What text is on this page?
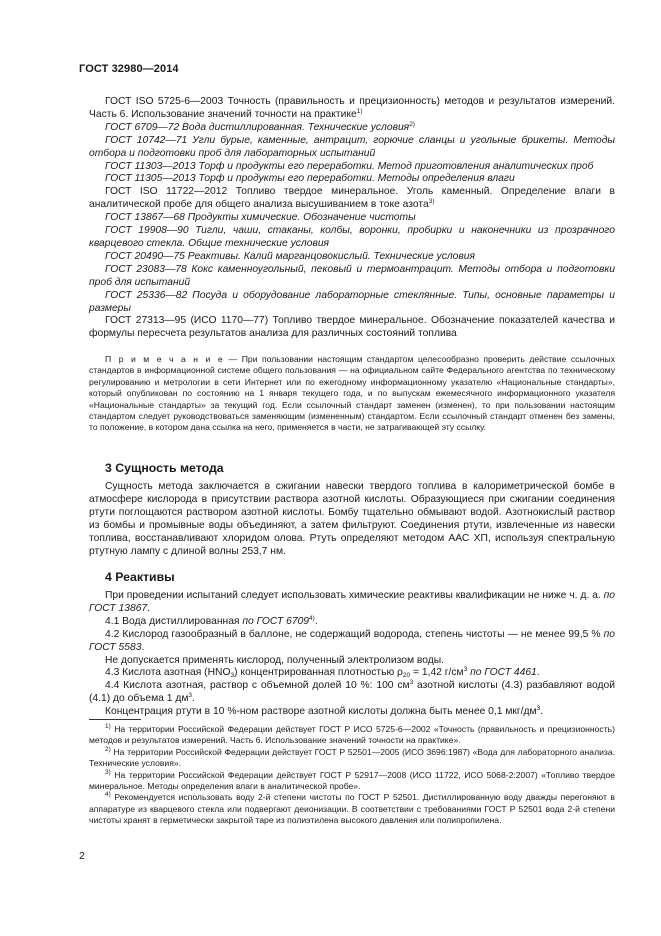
ГОСТ 32980—2014

ГОСТ ISO 5725-6—2003 Точность (правильность и прецизионность) методов и результатов измерений. Часть 6. Использование значений точности на практике$^{1)}$

ГОСТ 6709—72 Вода дистиллированная. Технические условия$^{2)}$

ГОСТ 10742—71 Угли бурые, каменные, антрацит, горючие сланцы и угольные брикеты. Методы отбора и подготовки проб для лабораторных испытаний

ГОСТ 11303—2013 Торф и продукты его переработки. Метод приготовления аналитических проб

ГОСТ 11305—2013 Торф и продукты его переработки. Методы определения влаги

ГОСТ ISO 11722—2012 Топливо твердое минеральное. Уголь каменный. Определение влаги в аналитической пробе для общего анализа высушиванием в токе азота$^{3)}$

ГОСТ 13867—68 Продукты химические. Обозначение чистоты

ГОСТ 19908—90 Тигли, чаши, стаканы, колбы, воронки, пробирки и наконечники из прозрачного кварцевого стекла. Общие технические условия

ГОСТ 20490—75 Реактивы. Калий марганцовокислый. Технические условия

ГОСТ 23083—78 Кокс каменноугольный, пековый и термоантрацит. Методы отбора и подготовки проб для испытаний

ГОСТ 25336—82 Посуда и оборудование лабораторные стеклянные. Типы, основные параметры и размеры

ГОСТ 27313—95 (ИСО 1170—77) Топливо твердое минеральное. Обозначение показателей качества и формулы пересчета результатов анализа для различных состояний топлива

П р и м е ч а н и е — При пользовании настоящим стандартом целесообразно проверить действие ссылочных стандартов в информационной системе общего пользования — на официальном сайте Федерального агентства по техническому регулированию и метрологии в сети Интернет или по ежегодному информационному указателю «Национальные стандарты», который опубликован по состоянию на 1 января текущего года, и по выпускам ежемесячного информационного указателя «Национальные стандарты» за текущий год. Если ссылочный стандарт заменен (изменен), то при пользовании настоящим стандартом следует руководствоваться заменяющим (измененным) стандартом. Если ссылочный стандарт отменен без замены, то положение, в котором дана ссылка на него, применяется в части, не затрагивающей эту ссылку.

3 Сущность метода

Сущность метода заключается в сжигании навески твердого топлива в калориметрической бомбе в атмосфере кислорода в присутствии раствора азотной кислоты. Образующиеся при сжигании соединения ртути поглощаются раствором азотной кислоты. Бомбу тщательно обмывают водой. Азотнокислый раствор из бомбы и промывные воды объединяют, а затем фильтруют. Соединения ртути, извлеченные из навески топлива, восстанавливают хлоридом олова. Ртуть определяют методом ААС ХП, используя спектральную ртутную лампу с длиной волны 253,7 нм.

4 Реактивы

При проведении испытаний следует использовать химические реактивы квалификации не ниже ч. д. а. по ГОСТ 13867.

4.1 Вода дистиллированная по ГОСТ 6709$^{4)}$.

4.2 Кислород газообразный в баллоне, не содержащий водорода, степень чистоты — не менее 99,5 % по ГОСТ 5583.

Не допускается применять кислород, полученный электролизом воды.

4.3 Кислота азотная $(HNO_3)$ концентрированная плотностью $\rho_{20} = 1,42$ $г/см^3$ по ГОСТ 4461.

4.4 Кислота азотная, раствор с объемной долей 10 %: 100 $см^3$ азотной кислоты (4.3) разбавляют водой (4.1) до объема 1 $дм^3$.

Концентрация ртути в 10 %-ном растворе азотной кислоты должна быть менее 0,1 мкг/$дм^3$.

$^{1)}$ На территории Российской Федерации действует ГОСТ Р ИСО 5725-6—2002 «Точность (правильность и прецизионность) методов и результатов измерений. Часть 6. Использование значений точности на практике».

$^{2)}$ На территории Российской Федерации действует ГОСТ Р 52501—2005 (ИСО 3696:1987) «Вода для лабораторного анализа. Технические условия».

$^{3)}$ На территории Российской Федерации действует ГОСТ Р 52917—2008 (ИСО 11722, ИСО 5068-2:2007) «Топливо твердое минеральное. Методы определения влаги в аналитической пробе».

$^{4)}$ Рекомендуется использовать воду 2-й степени чистоты по ГОСТ Р 52501. Дистиллированную воду дважды перегоняют в аппаратуре из кварцевого стекла или подвергают деионизации. В соответствии с требованиями ГОСТ Р 52501 вода 2-й степени чистоты хранят в герметически закрытой таре из полиэтилена высокого давления или полипропилена.

2
